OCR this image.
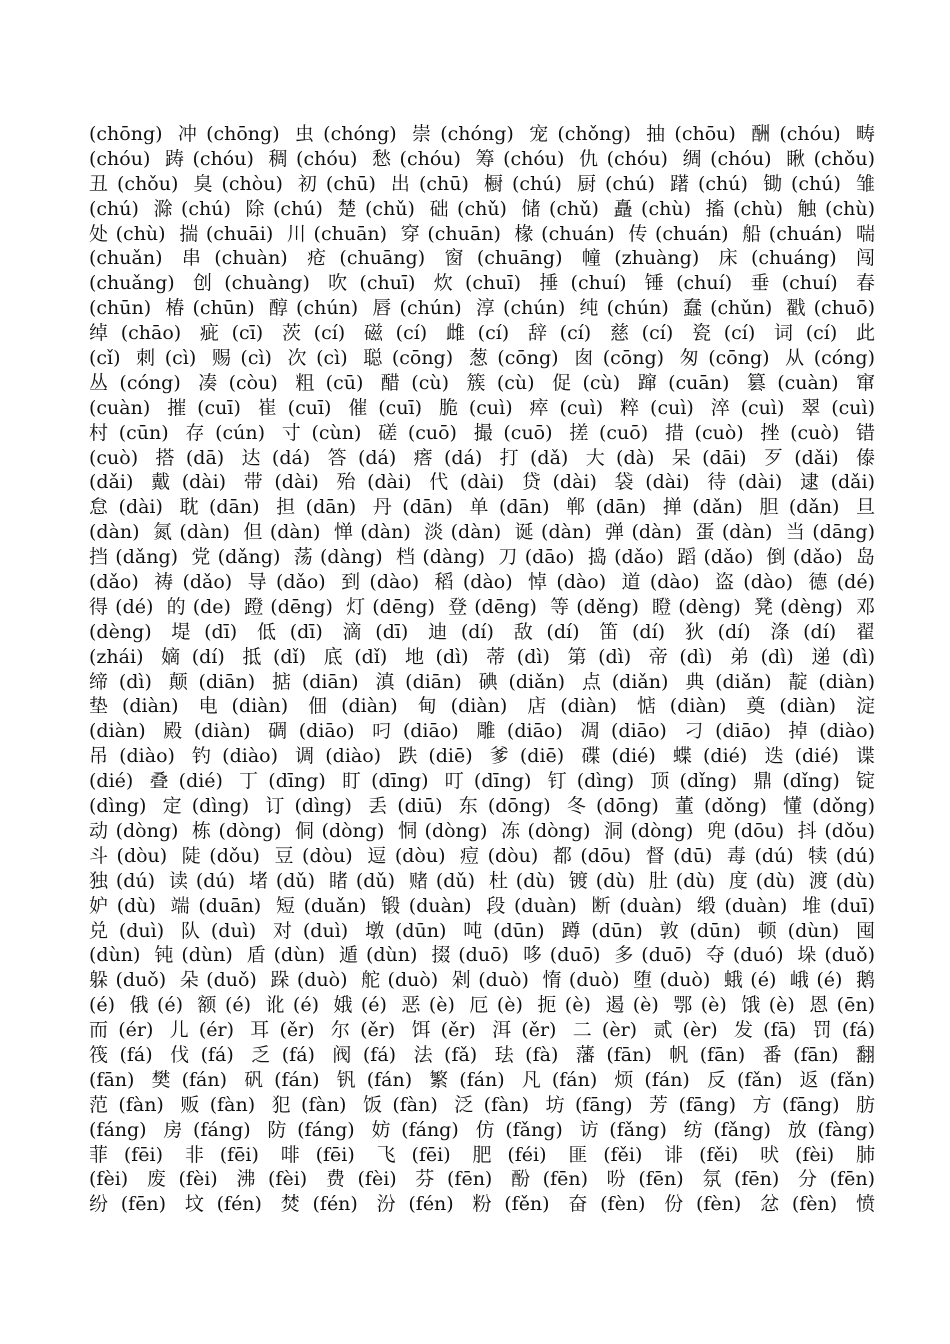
(chōng) 冲(chōng) 虫(chóng) 崇(chóng) 宠(chǒng) 抽(chōu) 酬(chóu) 畴
(chóu) 踌(chóu) 稠(chóu) 愁(chóu) 筹(chóu) 仇(chóu) 绸(chóu) 瞅(chǒu)
丑(chǒu) 臭(chòu) 初(chū) 出(chū) 橱(chú) 厨(chú) 躇(chú) 锄(chú) 雏
(chú) 滁(chú) 除(chú) 楚(chǔ) 础(chǔ) 储(chǔ) 矗(chù) 搐(chù) 触(chù)
处(chù) 揣(chuāi) 川(chuān) 穿(chuān) 椽(chuán) 传(chuán) 船(chuán) 喘
(chuǎn) 串(chuàn) 疮(chuāng) 窗(chuāng) 幢(zhuàng) 床(chuáng) 闯
(chuǎng) 创(chuàng) 吹(chuī) 炊(chuī) 捶(chuí) 锤(chuí) 垂(chuí) 春
(chūn) 椿(chūn) 醇(chún) 唇(chún) 淳(chún) 纯(chún) 蠢(chǔn) 戳(chuō)
绰(chāo) 疵(cī) 茨(cí) 磁(cí) 雌(cí) 辞(cí) 慈(cí) 瓷(cí) 词(cí) 此
(cǐ) 刺(cì) 赐(cì) 次(cì) 聪(cōng) 葱(cōng) 囱(cōng) 匆(cōng) 从(cóng)
丛(cóng) 凑(còu) 粗(cū) 醋(cù) 簇(cù) 促(cù) 蹿(cuān) 篡(cuàn) 窜
(cuàn) 摧(cuī) 崔(cuī) 催(cuī) 脆(cuì) 瘁(cuì) 粹(cuì) 淬(cuì) 翠(cuì)
村(cūn) 存(cún) 寸(cùn) 磋(cuō) 撮(cuō) 搓(cuō) 措(cuò) 挫(cuò) 错
(cuò) 搭(dā) 达(dá) 答(dá) 瘩(dá) 打(dǎ) 大(dà) 呆(dāi) 歹(dǎi) 傣
(dǎi) 戴(dài) 带(dài) 殆(dài) 代(dài) 贷(dài) 袋(dài) 待(dài) 逮(dǎi)
怠(dài) 耽(dān) 担(dān) 丹(dān) 单(dān) 郸(dān) 掸(dǎn) 胆(dǎn) 旦
(dàn) 氮(dàn) 但(dàn) 惮(dàn) 淡(dàn) 诞(dàn) 弹(dàn) 蛋(dàn) 当(dāng)
挡(dǎng) 党(dǎng) 荡(dàng) 档(dàng) 刀(dāo) 捣(dǎo) 蹈(dǎo) 倒(dǎo) 岛
(dǎo) 祷(dǎo) 导(dǎo) 到(dào) 稻(dào) 悼(dào) 道(dào) 盗(dào) 德(dé)
得(dé) 的(de) 蹬(dēng) 灯(dēng) 登(dēng) 等(děng) 瞪(dèng) 凳(dèng) 邓
(dèng) 堤(dī) 低(dī) 滴(dī) 迪(dí) 敌(dí) 笛(dí) 狄(dí) 涤(dí) 翟
(zhái) 嫡(dí) 抵(dǐ) 底(dǐ) 地(dì) 蒂(dì) 第(dì) 帝(dì) 弟(dì) 递(dì)
缔(dì) 颠(diān) 掂(diān) 滇(diān) 碘(diǎn) 点(diǎn) 典(diǎn) 靛(diàn)
垫(diàn) 电(diàn) 佃(diàn) 甸(diàn) 店(diàn) 惦(diàn) 奠(diàn) 淀
(diàn) 殿(diàn) 碉(diāo) 叼(diāo) 雕(diāo) 凋(diāo) 刁(diāo) 掉(diào)
吊(diào) 钓(diào) 调(diào) 跌(diē) 爹(diē) 碟(dié) 蝶(dié) 迭(dié) 谍
(dié) 叠(dié) 丁(dīng) 盯(dīng) 叮(dīng) 钉(dìng) 顶(dǐng) 鼎(dǐng) 锭
(dìng) 定(dìng) 订(dìng) 丢(diū) 东(dōng) 冬(dōng) 董(dǒng) 懂(dǒng)
动(dòng) 栋(dòng) 侗(dòng) 恫(dòng) 冻(dòng) 洞(dòng) 兜(dōu) 抖(dǒu)
斗(dòu) 陡(dǒu) 豆(dòu) 逗(dòu) 痘(dòu) 都(dōu) 督(dū) 毒(dú) 犊(dú)
独(dú) 读(dú) 堵(dǔ) 睹(dǔ) 赌(dǔ) 杜(dù) 镀(dù) 肚(dù) 度(dù) 渡(dù)
妒(dù) 端(duān) 短(duǎn) 锻(duàn) 段(duàn) 断(duàn) 缎(duàn) 堆(duī)
兑(duì) 队(duì) 对(duì) 墩(dūn) 吨(dūn) 蹲(dūn) 敦(dūn) 顿(dùn) 囤
(dùn) 钝(dùn) 盾(dùn) 遁(dùn) 掇(duō) 哆(duō) 多(duō) 夺(duó) 垛(duǒ)
躲(duǒ) 朵(duǒ) 跺(duò) 舵(duò) 剁(duò) 惰(duò) 堕(duò) 蛾(é) 峨(é) 鹅
(é) 俄(é) 额(é) 讹(é) 娥(é) 恶(è) 厄(è) 扼(è) 遏(è) 鄂(è) 饿(è) 恩(ēn)
而(ér) 儿(ér) 耳(ěr) 尔(ěr) 饵(ěr) 洱(ěr) 二(èr) 贰(èr) 发(fā) 罚(fá)
筏(fá) 伐(fá) 乏(fá) 阀(fá) 法(fǎ) 珐(fà) 藩(fān) 帆(fān) 番(fān) 翻
(fān) 樊(fán) 矾(fán) 钒(fán) 繁(fán) 凡(fán) 烦(fán) 反(fǎn) 返(fǎn)
范(fàn) 贩(fàn) 犯(fàn) 饭(fàn) 泛(fàn) 坊(fāng) 芳(fāng) 方(fāng) 肪
(fáng) 房(fáng) 防(fáng) 妨(fáng) 仿(fǎng) 访(fǎng) 纺(fǎng) 放(fàng)
菲(fēi) 非(fēi) 啡(fēi) 飞(fēi) 肥(féi) 匪(fěi) 诽(fěi) 吠(fèi) 肺
(fèi) 废(fèi) 沸(fèi) 费(fèi) 芬(fēn) 酚(fēn) 吩(fēn) 氛(fēn) 分(fēn)
纷(fēn) 坟(fén) 焚(fén) 汾(fén) 粉(fěn) 奋(fèn) 份(fèn) 忿(fèn) 愤
